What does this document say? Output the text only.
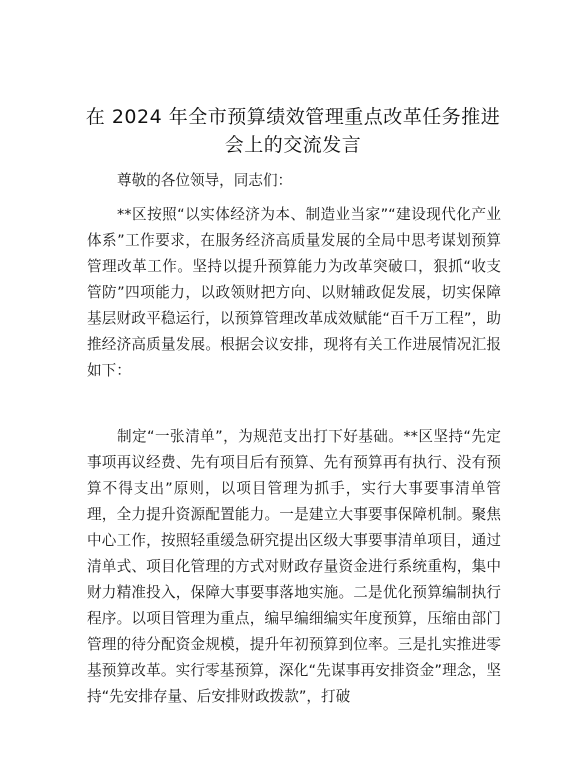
在 2024 年全市预算绩效管理重点改革任务推进会上的交流发言

尊敬的各位领导，同志们：

**区按照“以实体经济为本、制造业当家”“建设现代化产业体系”工作要求，在服务经济高质量发展的全局中思考谋划预算管理改革工作。坚持以提升预算能力为改革突破口，狠抓“收支管防”四项能力，以政领财把方向、以财辅政促发展，切实保障基层财政平稳运行，以预算管理改革成效赋能“百千万工程”，助推经济高质量发展。根据会议安排，现将有关工作进展情况汇报如下：

制定“一张清单”，为规范支出打下好基础。**区坚持“先定事项再议经费、先有项目后有预算、先有预算再有执行、没有预算不得支出”原则，以项目管理为抓手，实行大事要事清单管理，全力提升资源配置能力。一是建立大事要事保障机制。聚焦中心工作，按照轻重缓急研究提出区级大事要事清单项目，通过清单式、项目化管理的方式对财政存量资金进行系统重构，集中财力精准投入，保障大事要事落地实施。二是优化预算编制执行程序。以项目管理为重点，编早编细编实年度预算，压缩由部门管理的待分配资金规模，提升年初预算到位率。三是扎实推进零基预算改革。实行零基预算，深化“先谋事再安排资金”理念，坚持“先安排存量、后安排财政拨款”，打破
